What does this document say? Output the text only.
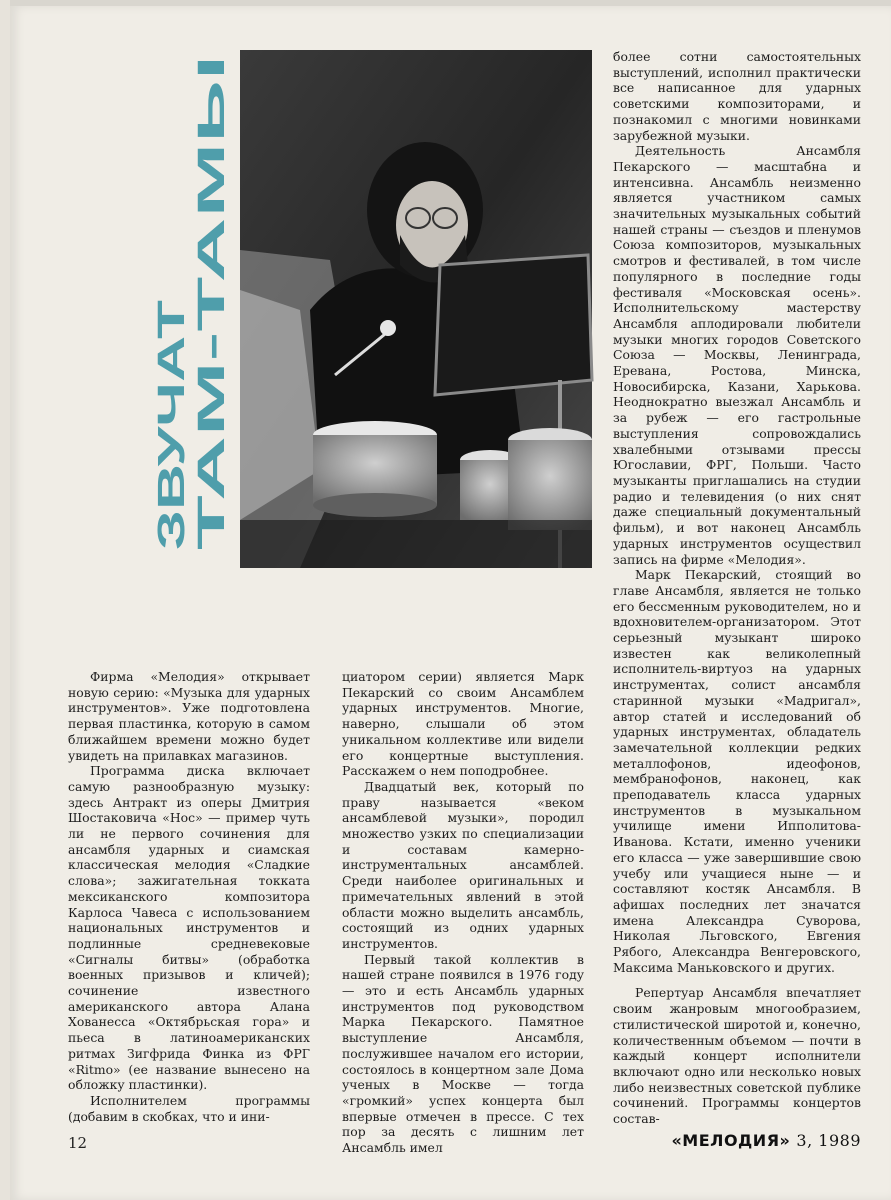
ЗВУЧАТ
ТАМ-ТАМЫ

Фирма «Мелодия» открывает новую серию: «Музыка для ударных инструментов». Уже подготовлена первая пластинка, которую в самом ближайшем времени можно будет увидеть на прилавках магазинов.

Программа диска включает самую разнообразную музыку: здесь Антракт из оперы Дмитрия Шостаковича «Нос» — пример чуть ли не первого сочинения для ансамбля ударных и сиамская классическая мелодия «Сладкие слова»; зажигательная токката мексиканского композитора Карлоса Чавеса с использованием национальных инструментов и подлинные средневековые «Сигналы битвы» (обработка военных призывов и кличей); сочинение известного американского автора Алана Хованесса «Октябрьская гора» и пьеса в латиноамериканских ритмах Зигфрида Финка из ФРГ «Ritmo» (ее название вынесено на обложку пластинки).

Исполнителем программы (добавим в скобках, что и ини-

циатором серии) является Марк Пекарский со своим Ансамблем ударных инструментов. Многие, наверно, слышали об этом уникальном коллективе или видели его концертные выступления. Расскажем о нем поподробнее.

Двадцатый век, который по праву называется «веком ансамблевой музыки», породил множество узких по специализации и составам камерно-инструментальных ансамблей. Среди наиболее оригинальных и примечательных явлений в этой области можно выделить ансамбль, состоящий из одних ударных инструментов.

Первый такой коллектив в нашей стране появился в 1976 году — это и есть Ансамбль ударных инструментов под руководством Марка Пекарского. Памятное выступление Ансамбля, послужившее началом его истории, состоялось в концертном зале Дома ученых в Москве — тогда «громкий» успех концерта был впервые отмечен в прессе. С тех пор за десять с лишним лет Ансамбль имел

более сотни самостоятельных выступлений, исполнил практически все написанное для ударных советскими композиторами, и познакомил с многими новинками зарубежной музыки.

Деятельность Ансамбля Пекарского — масштабна и интенсивна. Ансамбль неизменно является участником самых значительных музыкальных событий нашей страны — съездов и пленумов Союза композиторов, музыкальных смотров и фестивалей, в том числе популярного в последние годы фестиваля «Московская осень». Исполнительскому мастерству Ансамбля аплодировали любители музыки многих городов Советского Союза — Москвы, Ленинграда, Еревана, Ростова, Минска, Новосибирска, Казани, Харькова. Неоднократно выезжал Ансамбль и за рубеж — его гастрольные выступления сопровождались хвалебными отзывами прессы Югославии, ФРГ, Польши. Часто музыканты приглашались на студии радио и телевидения (о них снят даже специальный документальный фильм), и вот наконец Ансамбль ударных инструментов осуществил запись на фирме «Мелодия».

Марк Пекарский, стоящий во главе Ансамбля, является не только его бессменным руководителем, но и вдохновителем-организатором. Этот серьезный музыкант широко известен как великолепный исполнитель-виртуоз на ударных инструментах, солист ансамбля старинной музыки «Мадригал», автор статей и исследований об ударных инструментах, обладатель замечательной коллекции редких металлофонов, идеофонов, мембранофонов, наконец, как преподаватель класса ударных инструментов в музыкальном училище имени Ипполитова-Иванова. Кстати, именно ученики его класса — уже завершившие свою учебу или учащиеся ныне — и составляют костяк Ансамбля. В афишах последних лет значатся имена Александра Суворова, Николая Льговского, Евгения Рябого, Александра Венгеровского, Максима Маньковского и других.

Репертуар Ансамбля впечатляет своим жанровым многообразием, стилистической широтой и, конечно, количественным объемом — почти в каждый концерт исполнители включают одно или несколько новых либо неизвестных советской публике сочинений. Программы концертов состав-

12	«МЕЛОДИЯ» 3, 1989
